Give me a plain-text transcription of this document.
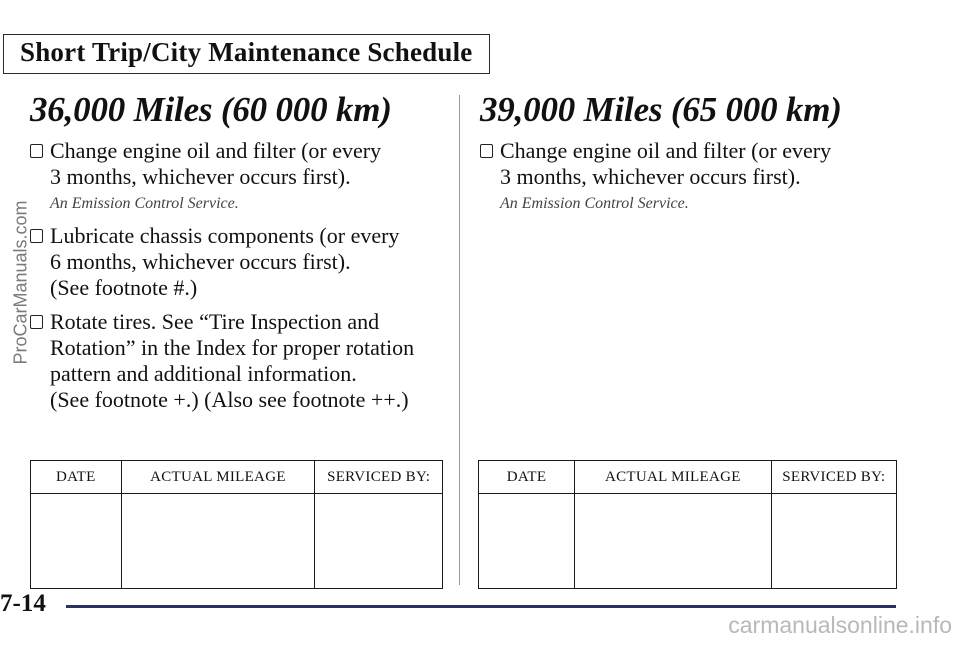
Short Trip/City Maintenance Schedule
ProCarManuals.com
36,000 Miles (60 000 km)
Change engine oil and filter (or every
3 months, whichever occurs first).
An Emission Control Service.
Lubricate chassis components (or every
6 months, whichever occurs first).
(See footnote #.)
Rotate tires. See “Tire Inspection and
Rotation” in the Index for proper rotation
pattern and additional information.
(See footnote +.) (Also see footnote ++.)
39,000 Miles (65 000 km)
Change engine oil and filter (or every
3 months, whichever occurs first).
An Emission Control Service.
DATE	ACTUAL MILEAGE	SERVICED BY:
			DATE	ACTUAL MILEAGE	SERVICED BY:

7-14
carmanualsonline.info
